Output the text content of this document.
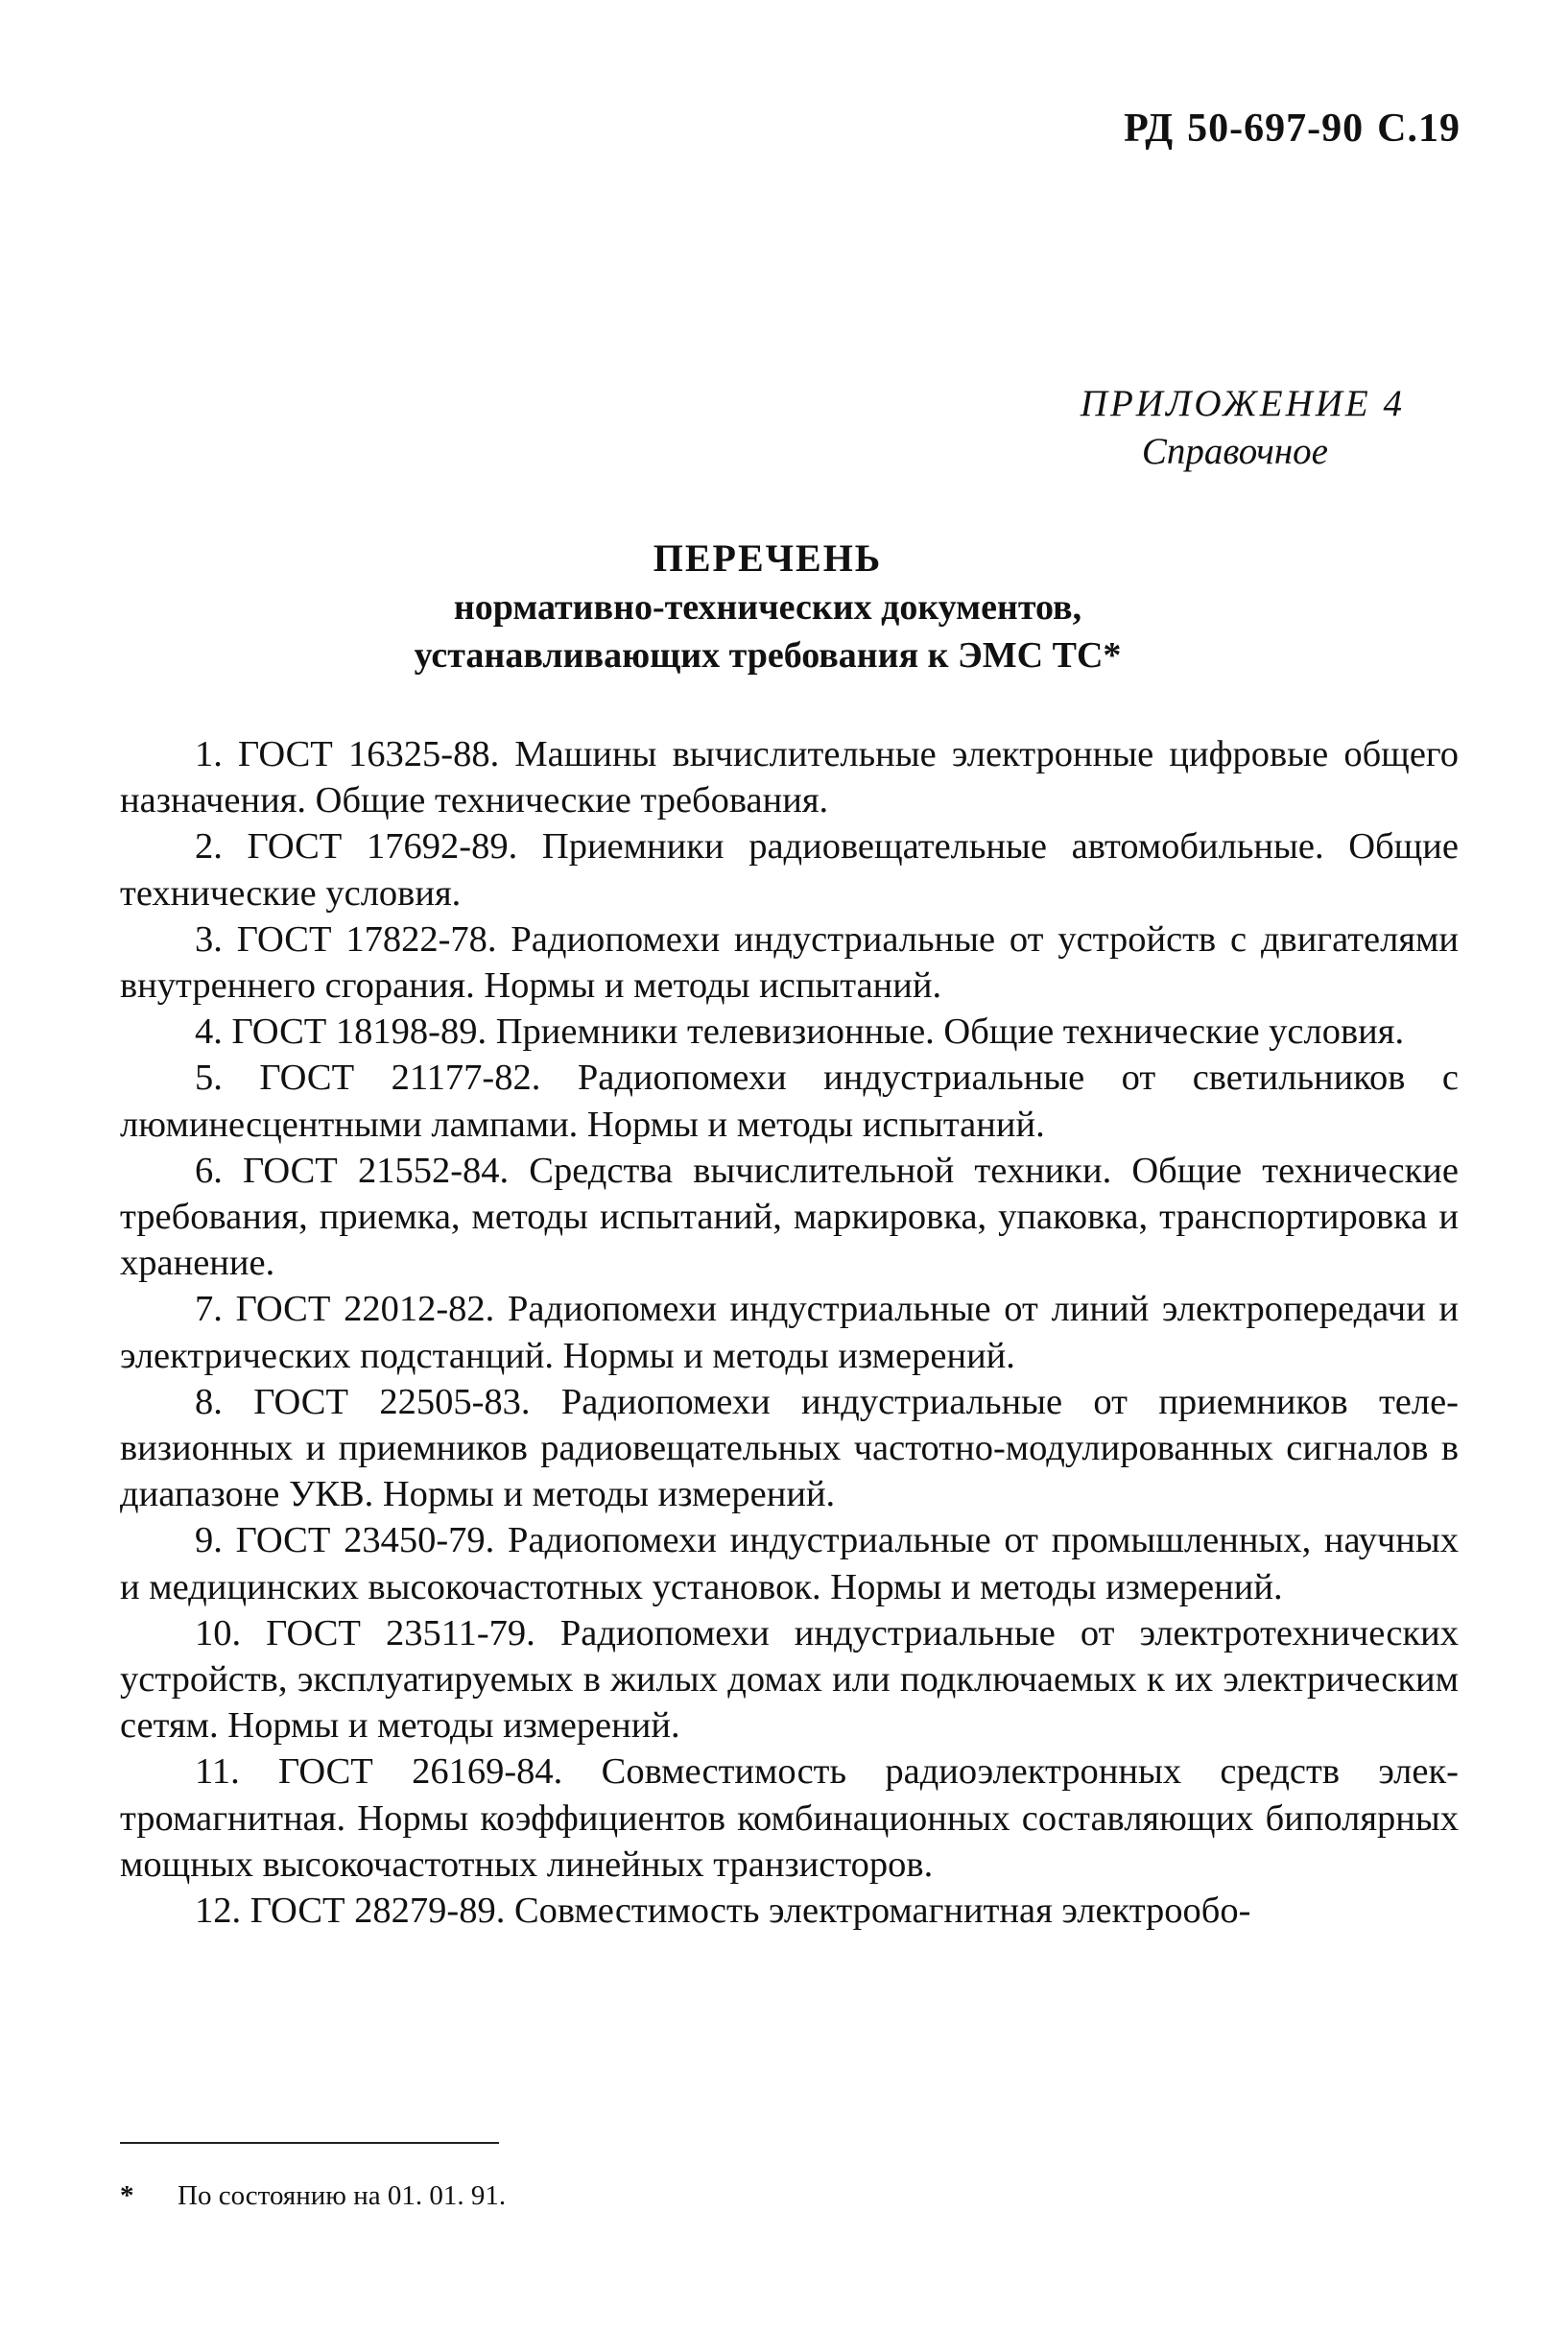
РД 50-697-90 С.19
ПРИЛОЖЕНИЕ 4
Справочное
ПЕРЕЧЕНЬ
нормативно-технических документов,
устанавливающих требования к ЭМС ТС*

1. ГОСТ 16325-88. Машины вычислительные электронные цифровые общего назначения. Общие технические требования.

2. ГОСТ 17692-89. Приемники радиовещательные автомобильные. Общие технические условия.

3. ГОСТ 17822-78. Радиопомехи индустриальные от устройств с двигателями внутреннего сгорания. Нормы и методы испытаний.

4. ГОСТ 18198-89. Приемники телевизионные. Общие технические условия.

5. ГОСТ 21177-82. Радиопомехи индустриальные от светильников с люминесцентными лампами. Нормы и методы испытаний.

6. ГОСТ 21552-84. Средства вычислительной техники. Общие технические требования, приемка, методы испытаний, маркировка, упаковка, транспортировка и хранение.

7. ГОСТ 22012-82. Радиопомехи индустриальные от линий электропередачи и электрических подстанций. Нормы и методы измерений.

8. ГОСТ 22505-83. Радиопомехи индустриальные от приемников телевизионных и приемников радиовещательных частотно-модулированных сигналов в диапазоне УКВ. Нормы и методы измерений.

9. ГОСТ 23450-79. Радиопомехи индустриальные от промышленных, научных и медицинских высокочастотных установок. Нормы и методы измерений.

10. ГОСТ 23511-79. Радиопомехи индустриальные от электротехнических устройств, эксплуатируемых в жилых домах или подключаемых к их электрическим сетям. Нормы и методы измерений.

11. ГОСТ 26169-84. Совместимость радиоэлектронных средств электромагнитная. Нормы коэффициентов комбинационных составляющих биполярных мощных высокочастотных линейных транзисторов.

12. ГОСТ 28279-89. Совместимость электромагнитная электрообо-

* По состоянию на 01. 01. 91.
